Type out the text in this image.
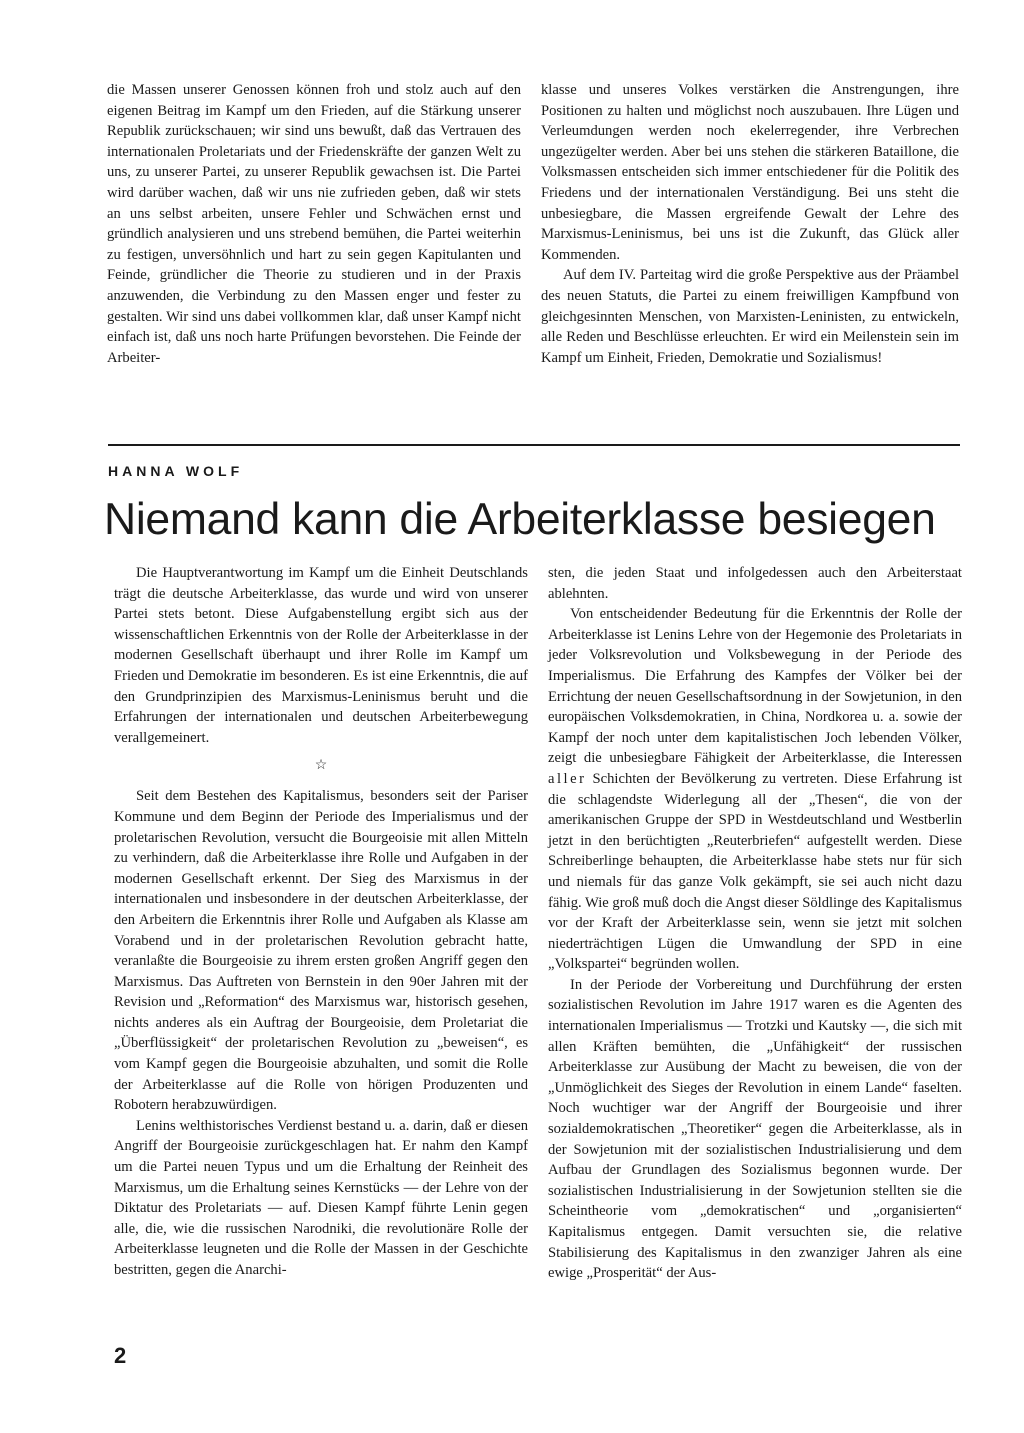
die Massen unserer Genossen können froh und stolz auch auf den eigenen Beitrag im Kampf um den Frieden, auf die Stärkung unserer Republik zurückschauen; wir sind uns bewußt, daß das Vertrauen des internationalen Proletariats und der Friedenskräfte der ganzen Welt zu uns, zu unserer Partei, zu unserer Republik gewachsen ist. Die Partei wird darüber wachen, daß wir uns nie zufrieden geben, daß wir stets an uns selbst arbeiten, unsere Fehler und Schwächen ernst und gründlich analysieren und uns strebend bemühen, die Partei weiterhin zu festigen, unversöhnlich und hart zu sein gegen Kapitulanten und Feinde, gründlicher die Theorie zu studieren und in der Praxis anzuwenden, die Verbindung zu den Massen enger und fester zu gestalten. Wir sind uns dabei vollkommen klar, daß unser Kampf nicht einfach ist, daß uns noch harte Prüfungen bevorstehen. Die Feinde der Arbeiter-

klasse und unseres Volkes verstärken die Anstrengungen, ihre Positionen zu halten und möglichst noch auszubauen. Ihre Lügen und Verleumdungen werden noch ekelerregender, ihre Verbrechen ungezügelter werden. Aber bei uns stehen die stärkeren Bataillone, die Volksmassen entscheiden sich immer entschiedener für die Politik des Friedens und der internationalen Verständigung. Bei uns steht die unbesiegbare, die Massen ergreifende Gewalt der Lehre des Marxismus-Leninismus, bei uns ist die Zukunft, das Glück aller Kommenden.

Auf dem IV. Parteitag wird die große Perspektive aus der Präambel des neuen Statuts, die Partei zu einem freiwilligen Kampfbund von gleichgesinnten Menschen, von Marxisten-Leninisten, zu entwickeln, alle Reden und Beschlüsse erleuchten. Er wird ein Meilenstein sein im Kampf um Einheit, Frieden, Demokratie und Sozialismus!

HANNA WOLF
Niemand kann die Arbeiterklasse besiegen

Die Hauptverantwortung im Kampf um die Einheit Deutschlands trägt die deutsche Arbeiterklasse, das wurde und wird von unserer Partei stets betont. Diese Aufgabenstellung ergibt sich aus der wissenschaftlichen Erkenntnis von der Rolle der Arbeiterklasse in der modernen Gesellschaft überhaupt und ihrer Rolle im Kampf um Frieden und Demokratie im besonderen. Es ist eine Erkenntnis, die auf den Grundprinzipien des Marxismus-Leninismus beruht und die Erfahrungen der internationalen und deutschen Arbeiterbewegung verallgemeinert.

☆

Seit dem Bestehen des Kapitalismus, besonders seit der Pariser Kommune und dem Beginn der Periode des Imperialismus und der proletarischen Revolution, versucht die Bourgeoisie mit allen Mitteln zu verhindern, daß die Arbeiterklasse ihre Rolle und Aufgaben in der modernen Gesellschaft erkennt. Der Sieg des Marxismus in der internationalen und insbesondere in der deutschen Arbeiterklasse, der den Arbeitern die Erkenntnis ihrer Rolle und Aufgaben als Klasse am Vorabend und in der proletarischen Revolution gebracht hatte, veranlaßte die Bourgeoisie zu ihrem ersten großen Angriff gegen den Marxismus. Das Auftreten von Bernstein in den 90er Jahren mit der Revision und „Reformation“ des Marxismus war, historisch gesehen, nichts anderes als ein Auftrag der Bourgeoisie, dem Proletariat die „Überflüssigkeit“ der proletarischen Revolution zu „beweisen“, es vom Kampf gegen die Bourgeoisie abzuhalten, und somit die Rolle der Arbeiterklasse auf die Rolle von hörigen Produzenten und Robotern herabzuwürdigen.

Lenins welthistorisches Verdienst bestand u. a. darin, daß er diesen Angriff der Bourgeoisie zurückgeschlagen hat. Er nahm den Kampf um die Partei neuen Typus und um die Erhaltung der Reinheit des Marxismus, um die Erhaltung seines Kernstücks — der Lehre von der Diktatur des Proletariats — auf. Diesen Kampf führte Lenin gegen alle, die, wie die russischen Narodniki, die revolutionäre Rolle der Arbeiterklasse leugneten und die Rolle der Massen in der Geschichte bestritten, gegen die Anarchi-

sten, die jeden Staat und infolgedessen auch den Arbeiterstaat ablehnten.

Von entscheidender Bedeutung für die Erkenntnis der Rolle der Arbeiterklasse ist Lenins Lehre von der Hegemonie des Proletariats in jeder Volksrevolution und Volksbewegung in der Periode des Imperialismus. Die Erfahrung des Kampfes der Völker bei der Errichtung der neuen Gesellschaftsordnung in der Sowjetunion, in den europäischen Volksdemokratien, in China, Nordkorea u. a. sowie der Kampf der noch unter dem kapitalistischen Joch lebenden Völker, zeigt die unbesiegbare Fähigkeit der Arbeiterklasse, die Interessen aller Schichten der Bevölkerung zu vertreten. Diese Erfahrung ist die schlagendste Widerlegung all der „Thesen“, die von der amerikanischen Gruppe der SPD in Westdeutschland und Westberlin jetzt in den berüchtigten „Reuterbriefen“ aufgestellt werden. Diese Schreiberlinge behaupten, die Arbeiterklasse habe stets nur für sich und niemals für das ganze Volk gekämpft, sie sei auch nicht dazu fähig. Wie groß muß doch die Angst dieser Söldlinge des Kapitalismus vor der Kraft der Arbeiterklasse sein, wenn sie jetzt mit solchen niederträchtigen Lügen die Umwandlung der SPD in eine „Volkspartei“ begründen wollen.

In der Periode der Vorbereitung und Durchführung der ersten sozialistischen Revolution im Jahre 1917 waren es die Agenten des internationalen Imperialismus — Trotzki und Kautsky —, die sich mit allen Kräften bemühten, die „Unfähigkeit“ der russischen Arbeiterklasse zur Ausübung der Macht zu beweisen, die von der „Unmöglichkeit des Sieges der Revolution in einem Lande“ faselten. Noch wuchtiger war der Angriff der Bourgeoisie und ihrer sozialdemokratischen „Theoretiker“ gegen die Arbeiterklasse, als in der Sowjetunion mit der sozialistischen Industrialisierung und dem Aufbau der Grundlagen des Sozialismus begonnen wurde. Der sozialistischen Industrialisierung in der Sowjetunion stellten sie die Scheintheorie vom „demokratischen“ und „organisierten“ Kapitalismus entgegen. Damit versuchten sie, die relative Stabilisierung des Kapitalismus in den zwanziger Jahren als eine ewige „Prosperität“ der Aus-

2
